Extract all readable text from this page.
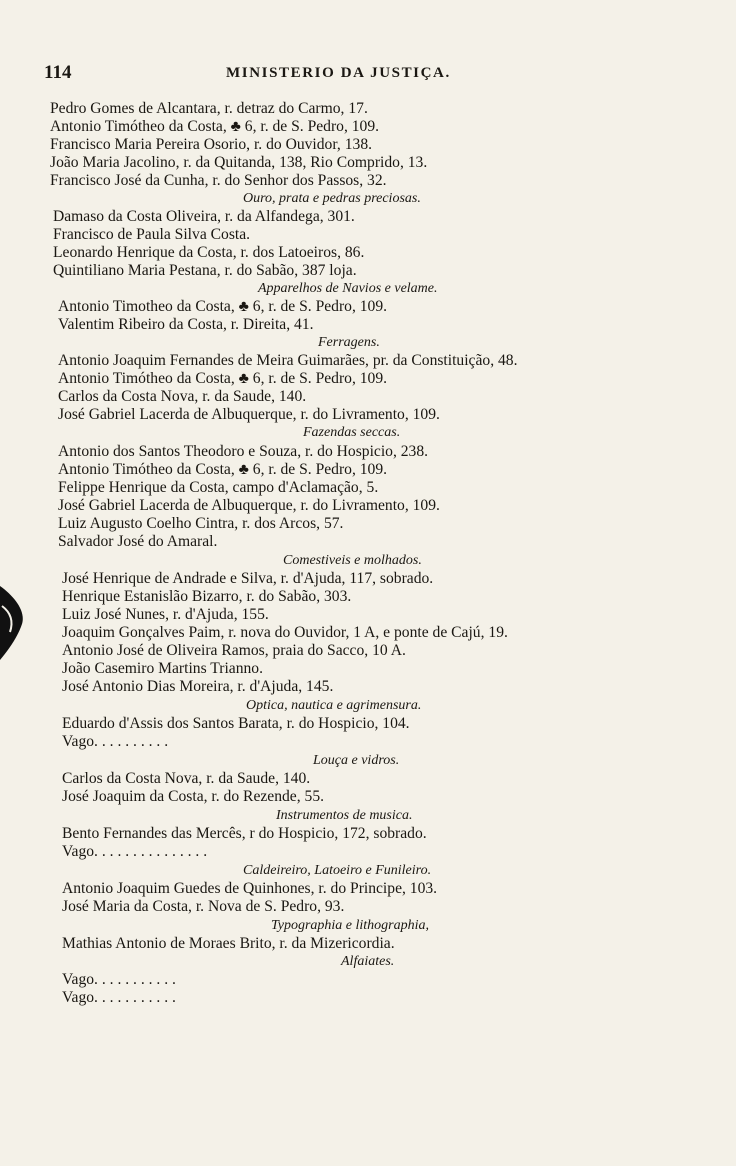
114	MINISTERIO DA JUSTIÇA.
Pedro Gomes de Alcantara, r. detraz do Carmo, 17.
Antonio Timótheo da Costa, ♣ 6, r. de S. Pedro, 109.
Francisco Maria Pereira Osorio, r. do Ouvidor, 138.
João Maria Jacolino, r. da Quitanda, 138, Rio Comprido, 13.
Francisco José da Cunha, r. do Senhor dos Passos, 32.
Ouro, prata e pedras preciosas.
Damaso da Costa Oliveira, r. da Alfandega, 301.
Francisco de Paula Silva Costa.
Leonardo Henrique da Costa, r. dos Latoeiros, 86.
Quintiliano Maria Pestana, r. do Sabão, 387 loja.
Apparelhos de Navios e velame.
Antonio Timotheo da Costa, ♣ 6, r. de S. Pedro, 109.
Valentim Ribeiro da Costa, r. Direita, 41.
Ferragens.
Antonio Joaquim Fernandes de Meira Guimarães, pr. da Constituição, 48.
Antonio Timótheo da Costa, ♣ 6, r. de S. Pedro, 109.
Carlos da Costa Nova, r. da Saude, 140.
José Gabriel Lacerda de Albuquerque, r. do Livramento, 109.
Fazendas seccas.
Antonio dos Santos Theodoro e Souza, r. do Hospicio, 238.
Antonio Timótheo da Costa, ♣ 6, r. de S. Pedro, 109.
Felippe Henrique da Costa, campo d'Aclamação, 5.
José Gabriel Lacerda de Albuquerque, r. do Livramento, 109.
Luiz Augusto Coelho Cintra, r. dos Arcos, 57.
Salvador José do Amaral.
Comestiveis e molhados.
José Henrique de Andrade e Silva, r. d'Ajuda, 117, sobrado.
Henrique Estanislão Bizarro, r. do Sabão, 303.
Luiz José Nunes, r. d'Ajuda, 155.
Joaquim Gonçalves Paim, r. nova do Ouvidor, 1 A, e ponte de Cajú, 19.
Antonio José de Oliveira Ramos, praia do Sacco, 10 A.
João Casemiro Martins Trianno.
José Antonio Dias Moreira, r. d'Ajuda, 145.
Optica, nautica e agrimensura.
Eduardo d'Assis dos Santos Barata, r. do Hospicio, 104.
Vago. . . . . . . . . .
Louça e vidros.
Carlos da Costa Nova, r. da Saude, 140.
José Joaquim da Costa, r. do Rezende, 55.
Instrumentos de musica.
Bento Fernandes das Mercês, r do Hospicio, 172, sobrado.
Vago. . . . . . . . . . . . . . .
Caldeireiro, Latoeiro e Funileiro.
Antonio Joaquim Guedes de Quinhones, r. do Principe, 103.
José Maria da Costa, r. Nova de S. Pedro, 93.
Typographia e lithographia,
Mathias Antonio de Moraes Brito, r. da Mizericordia.
Alfaiates.
Vago. . . . . . . . . . .
Vago. . . . . . . . . . .
